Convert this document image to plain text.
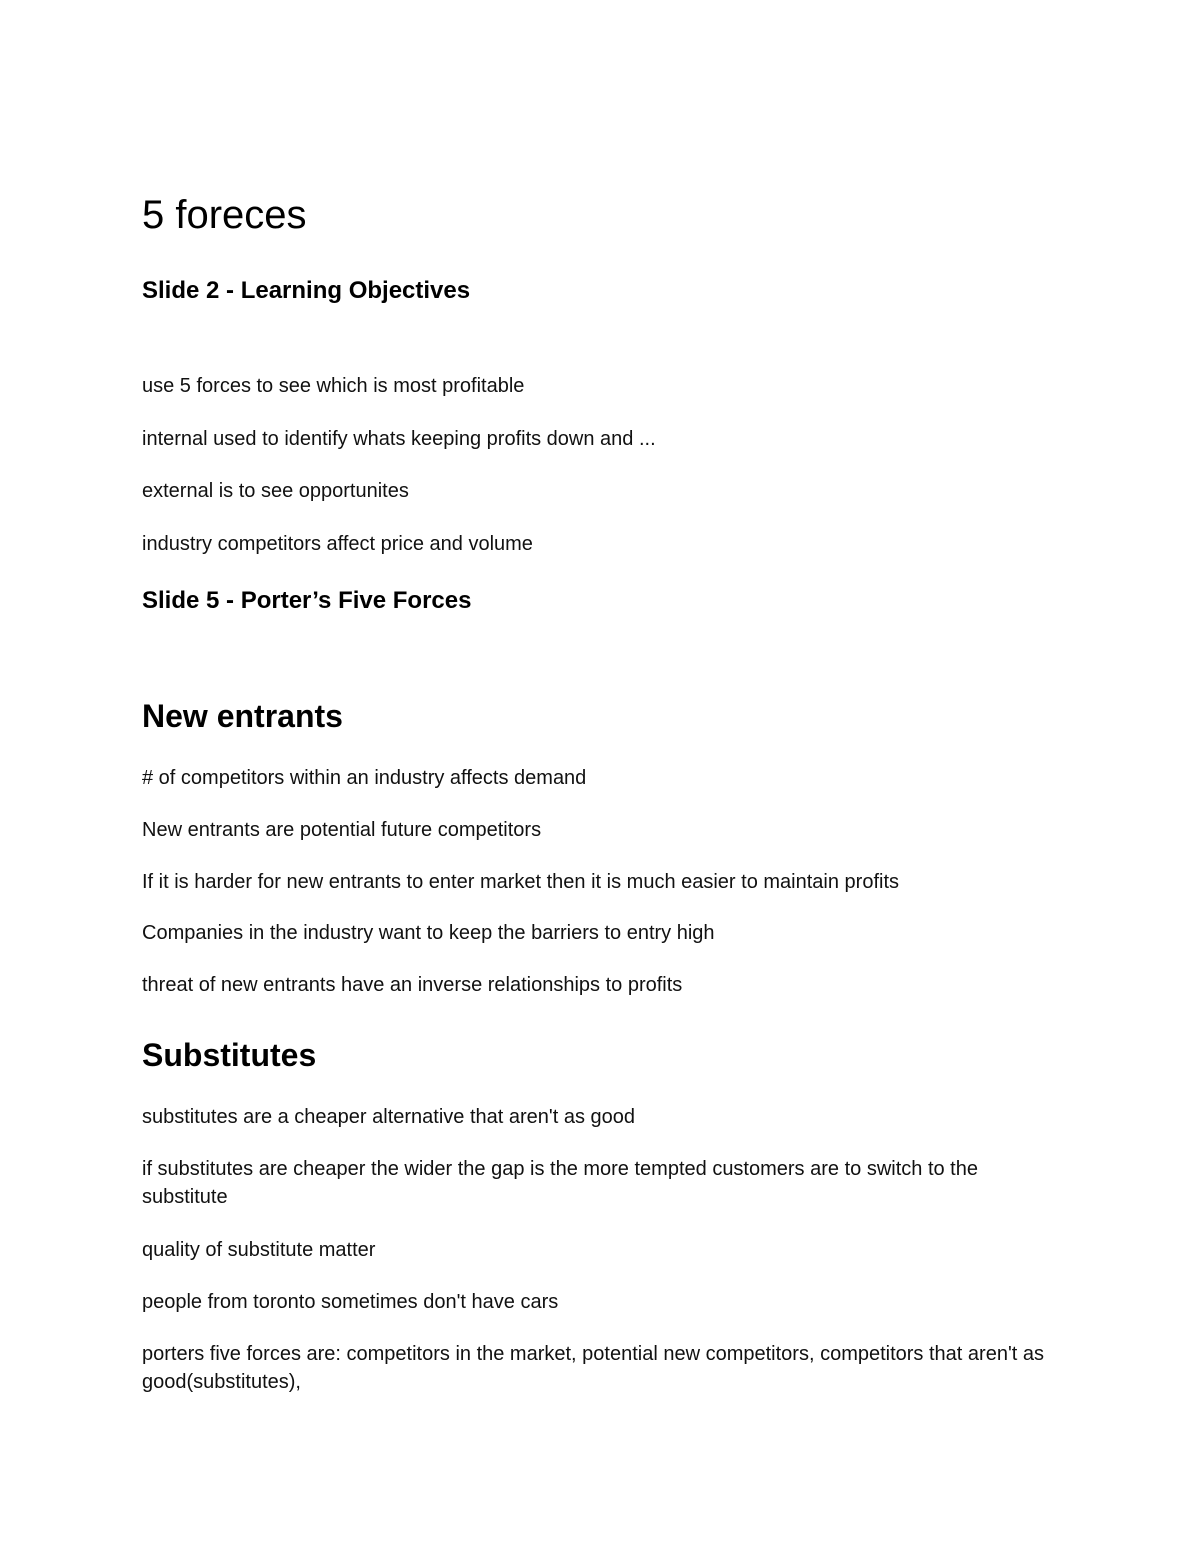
5 foreces
Slide 2 - Learning Objectives

use 5 forces to see which is most profitable

internal used to identify whats keeping profits down and ...

external is to see opportunites

industry competitors affect price and volume

Slide 5 - Porter’s Five Forces
New entrants

# of competitors within an industry affects demand

New entrants are potential future competitors

If it is harder for new entrants to enter market then it is much easier to maintain profits

Companies in the industry want to keep the barriers to entry high

threat of new entrants have an inverse relationships to profits

Substitutes

substitutes are a cheaper alternative that aren't as good

if substitutes are cheaper the wider the gap is the more tempted customers are to switch to the substitute

quality of substitute matter

people from toronto sometimes don't have cars

porters five forces are: competitors in the market, potential new competitors, competitors that aren't as good(substitutes),
